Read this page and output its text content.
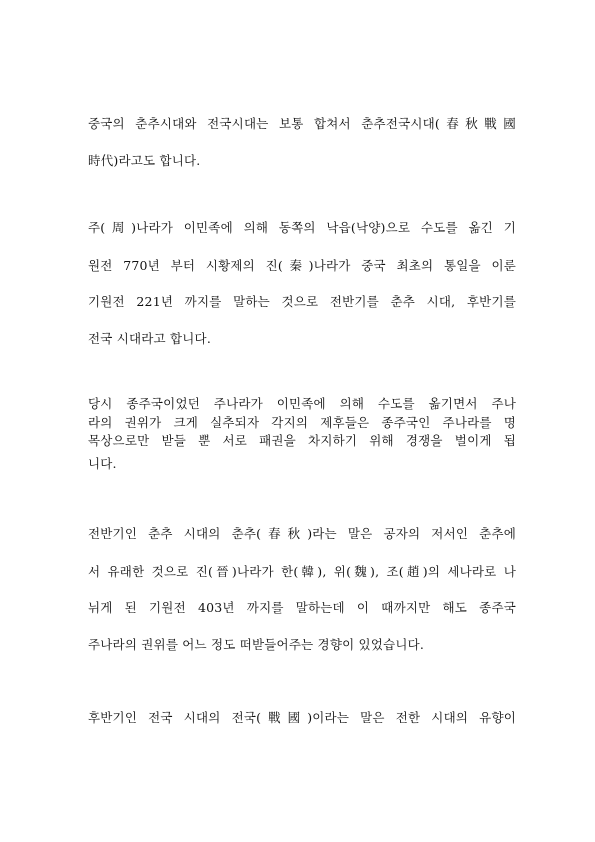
중국의 춘추시대와 전국시대는 보통 합쳐서 춘추전국시대(春秋戰國
時代)라고도 합니다.
주(周)나라가 이민족에 의해 동쪽의 낙읍(낙양)으로 수도를 옮긴 기
원전 770년 부터 시황제의 진(秦)나라가 중국 최초의 통일을 이룬
기원전 221년 까지를 말하는 것으로 전반기를 춘추 시대, 후반기를
전국 시대라고 합니다.
당시 종주국이었던 주나라가 이민족에 의해 수도를 옮기면서 주나
라의 권위가 크게 실추되자 각지의 제후들은 종주국인 주나라를 명
목상으로만 받들 뿐 서로 패권을 차지하기 위해 경쟁을 벌이게 됩
니다.
전반기인 춘추 시대의 춘추(春秋)라는 말은 공자의 저서인 춘추에
서 유래한 것으로 진(晉)나라가 한(韓), 위(魏), 조(趙)의 세나라로 나
뉘게 된 기원전 403년 까지를 말하는데 이 때까지만 해도 종주국
주나라의 권위를 어느 정도 떠받들어주는 경향이 있었습니다.
후반기인 전국 시대의 전국(戰國)이라는 말은 전한 시대의 유향이
